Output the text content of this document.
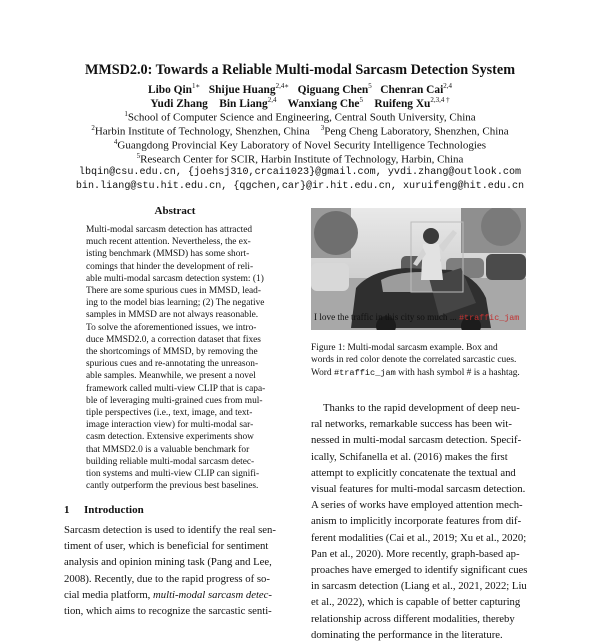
MMSD2.0: Towards a Reliable Multi-modal Sarcasm Detection System
Libo Qin$^{1∗}$ Shijue Huang$^{2,4∗}$ Qiguang Chen$^5$ Chenran Cai$^{2,4}$
Yudi Zhang Bin Liang$^{2,4}$ Wanxiang Che$^5$ Ruifeng $Xu^{2,3,4 \dagger}$
$^1$School of Computer Science and Engineering, Central South University, China
$^2$Harbin Institute of Technology, Shenzhen, China $^3$Peng Cheng Laboratory, Shenzhen, China
$^4$Guangdong Provincial Key Laboratory of Novel Security Intelligence Technologies
$^5$Research Center for SCIR, Harbin Institute of Technology, Harbin, China
lbqin@csu.edu.cn, {joehsj310,crcai1023}@gmail.com, yvdi.zhang@outlook.com
bin.liang@stu.hit.edu.cn, {qgchen,car}@ir.hit.edu.cn, xuruifeng@hit.edu.cn
Abstract

Multi-modal sarcasm detection has attracted

much recent attention. Nevertheless, the ex-

isting benchmark (MMSD) has some short-

comings that hinder the development of reli-

able multi-modal sarcasm detection system: (1)

There are some spurious cues in MMSD, lead-

ing to the model bias learning; (2) The negative

samples in MMSD are not always reasonable.

To solve the aforementioned issues, we intro-

duce MMSD2.0, a correction dataset that fixes

the shortcomings of MMSD, by removing the

spurious cues and re-annotating the unreason-

able samples. Meanwhile, we present a novel

framework called multi-view CLIP that is capa-

ble of leveraging multi-grained cues from mul-

tiple perspectives (i.e., text, image, and text-

image interaction view) for multi-modal sar-

casm detection. Extensive experiments show

that MMSD2.0 is a valuable benchmark for

building reliable multi-modal sarcasm detec-

tion systems and multi-view CLIP can signifi-

cantly outperform the previous best baselines.

1 Introduction

Sarcasm detection is used to identify the real sen-

timent of user, which is beneficial for sentiment

analysis and opinion mining task (Pang and Lee,

2008). Recently, due to the rapid progress of so-

cial media platform, multi-modal sarcasm detec-

tion, which aims to recognize the sarcastic senti-

I love the traffic in this city so much ... #traffic_jam
Figure 1: Multi-modal sarcasm example. Box and
words in red color denote the correlated sarcastic cues.
Word #traffic_jam with hash symbol # is a hashtag.

Thanks to the rapid development of deep neu-

ral networks, remarkable success has been wit-

nessed in multi-modal sarcasm detection. Specif-

ically, Schifanella et al. (2016) makes the first

attempt to explicitly concatenate the textual and

visual features for multi-modal sarcasm detection.

A series of works have employed attention mech-

anism to implicitly incorporate features from dif-

ferent modalities (Cai et al., 2019; Xu et al., 2020;

Pan et al., 2020). More recently, graph-based ap-

proaches have emerged to identify significant cues

in sarcasm detection (Liang et al., 2021, 2022; Liu

et al., 2022), which is capable of better capturing

relationship across different modalities, thereby

dominating the performance in the literature.
